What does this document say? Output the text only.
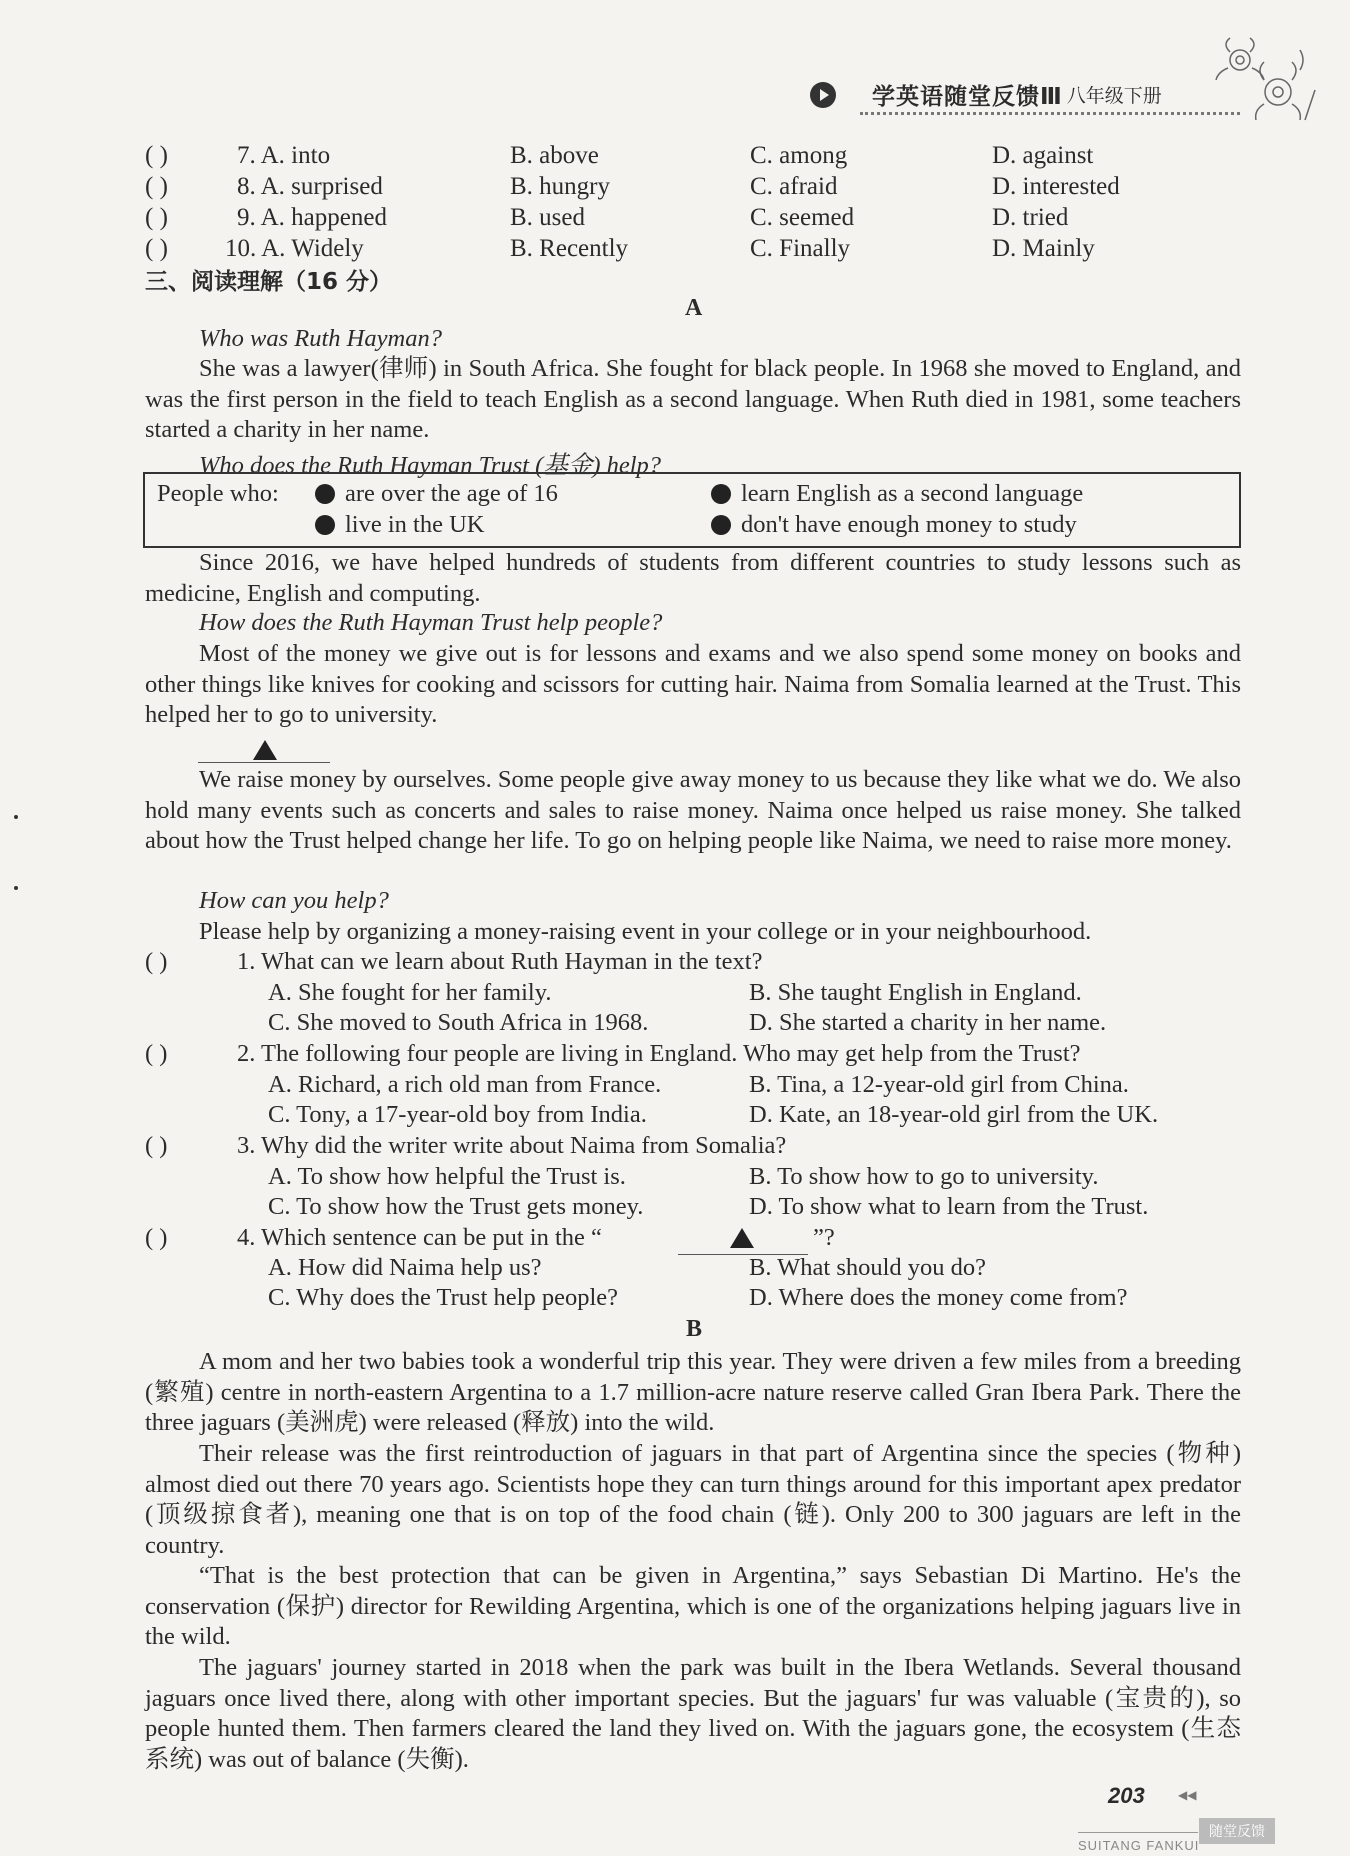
学英语随堂反馈Ⅲ 八年级下册
( )	7. A. into	B. above	C. among	D. against
( )	8. A. surprised	B. hungry	C. afraid	D. interested
( )	9. A. happened	B. used	C. seemed	D. tried
( ) 10. A. Widely	B. Recently	C. Finally	D. Mainly
三、阅读理解（16 分）
A
Who was Ruth Hayman?
She was a lawyer(律师) in South Africa. She fought for black people. In 1968 she moved to England, and was the first person in the field to teach English as a second language. When Ruth died in 1981, some teachers started a charity in her name.
Who does the Ruth Hayman Trust (基金) help?
People who:	are over the age of 16	learn English as a second language
live in the UK	don't have enough money to study
Since 2016, we have helped hundreds of students from different countries to study lessons such as medicine, English and computing.
How does the Ruth Hayman Trust help people?
Most of the money we give out is for lessons and exams and we also spend some money on books and other things like knives for cooking and scissors for cutting hair. Naima from Somalia learned at the Trust. This helped her to go to university.
We raise money by ourselves. Some people give away money to us because they like what we do. We also hold many events such as concerts and sales to raise money. Naima once helped us raise money. She talked about how the Trust helped change her life. To go on helping people like Naima, we need to raise more money.
How can you help?
Please help by organizing a money-raising event in your college or in your neighbourhood.
( )	1. What can we learn about Ruth Hayman in the text?
A. She fought for her family.	B. She taught English in England.
C. She moved to South Africa in 1968.	D. She started a charity in her name.
( )	2. The following four people are living in England. Who may get help from the Trust?
A. Richard, a rich old man from France.	B. Tina, a 12-year-old girl from China.
C. Tony, a 17-year-old boy from India.	D. Kate, an 18-year-old girl from the UK.
( )	3. Why did the writer write about Naima from Somalia?
A. To show how helpful the Trust is.	B. To show how to go to university.
C. To show how the Trust gets money.	D. To show what to learn from the Trust.
( )	4. Which sentence can be put in the “	”?
A. How did Naima help us?	B. What should you do?
C. Why does the Trust help people?	D. Where does the money come from?
B
A mom and her two babies took a wonderful trip this year. They were driven a few miles from a breeding (繁殖) centre in north-eastern Argentina to a 1.7 million-acre nature reserve called Gran Ibera Park. There the three jaguars (美洲虎) were released (释放) into the wild.
Their release was the first reintroduction of jaguars in that part of Argentina since the species (物种) almost died out there 70 years ago. Scientists hope they can turn things around for this important apex predator (顶级掠食者), meaning one that is on top of the food chain (链). Only 200 to 300 jaguars are left in the country.
“That is the best protection that can be given in Argentina,” says Sebastian Di Martino. He's the conservation (保护) director for Rewilding Argentina, which is one of the organizations helping jaguars live in the wild.
The jaguars' journey started in 2018 when the park was built in the Ibera Wetlands. Several thousand jaguars once lived there, along with other important species. But the jaguars' fur was valuable (宝贵的), so people hunted them. Then farmers cleared the land they lived on. With the jaguars gone, the ecosystem (生态系统) was out of balance (失衡).
203	◀◀
SUITANG FANKUI
随堂反馈
